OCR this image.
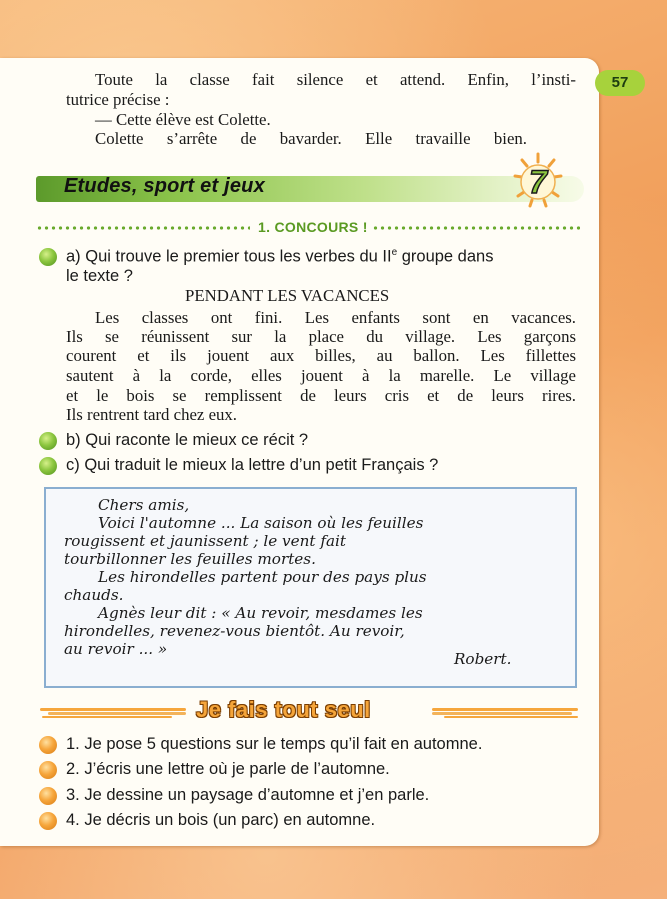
57
Toute la classe fait silence et attend. Enfin, l’insti-
tutrice précise :
— Cette élève est Colette.
Colette s’arrête de bavarder. Elle travaille bien.
Etudes, sport et jeux	7
1. CONCOURS !
a) Qui trouve le premier tous les verbes du IIe groupe dans
le texte ?
PENDANT LES VACANCES
Les classes ont fini. Les enfants sont en vacances.
Ils se réunissent sur la place du village. Les garçons
courent et ils jouent aux billes, au ballon. Les fillettes
sautent à la corde, elles jouent à la marelle. Le village
et le bois se remplissent de leurs cris et de leurs rires.
Ils rentrent tard chez eux.
b) Qui raconte le mieux ce récit ?
c) Qui traduit le mieux la lettre d’un petit Français ?
Chers amis,
Voici l'automne ... La saison où les feuilles
rougissent et jaunissent ; le vent fait
tourbillonner les feuilles mortes.
Les hirondelles partent pour des pays plus
chauds.
Agnès leur dit : « Au revoir, mesdames les
hirondelles, revenez-vous bientôt. Au revoir,
au revoir ... »
Robert.
Je fais tout seul
1. Je pose 5 questions sur le temps qu’il fait en automne.
2. J’écris une lettre où je parle de l’automne.
3. Je dessine un paysage d’automne et j’en parle.
4. Je décris un bois (un parc) en automne.
